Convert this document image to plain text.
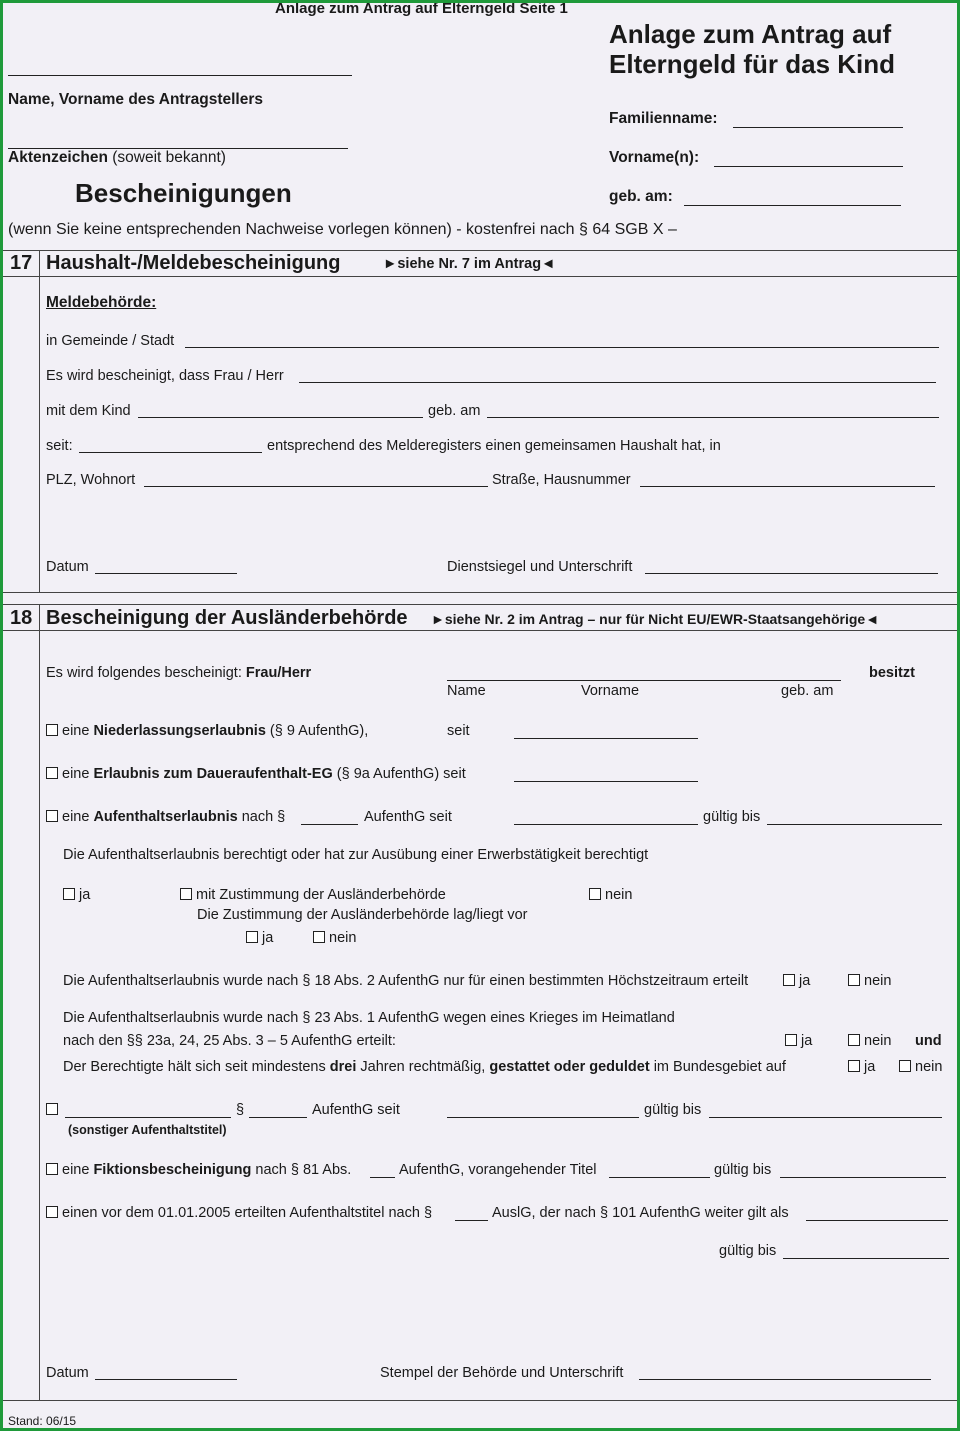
Anlage zum Antrag auf Elterngeld Seite 1
Anlage zum Antrag auf
Elterngeld für das Kind
Name, Vorname des Antragstellers
Familienname:
Aktenzeichen (soweit bekannt)	Vorname(n):
Bescheinigungen	geb. am:
(wenn Sie keine entsprechenden Nachweise vorlegen können) - kostenfrei nach § 64 SGB X –
17 Haushalt-/Meldebescheinigung	►siehe Nr. 7 im Antrag◄
Meldebehörde:
in Gemeinde / Stadt
Es wird bescheinigt, dass Frau / Herr
mit dem Kind	geb. am
seit:	entsprechend des Melderegisters einen gemeinsamen Haushalt hat, in
PLZ, Wohnort	Straße, Hausnummer
Datum	Dienstsiegel und Unterschrift
18 Bescheinigung der Ausländerbehörde ►siehe Nr. 2 im Antrag – nur für Nicht EU/EWR-Staatsangehörige◄
Es wird folgendes bescheinigt: Frau/Herr	besitzt
Name	Vorname	geb. am
eine Niederlassungserlaubnis (§ 9 AufenthG),	seit
eine Erlaubnis zum Daueraufenthalt-EG (§ 9a AufenthG) seit
eine Aufenthaltserlaubnis nach §	AufenthG seit	gültig bis
Die Aufenthaltserlaubnis berechtigt oder hat zur Ausübung einer Erwerbstätigkeit berechtigt
ja	mit Zustimmung der Ausländerbehörde	nein
Die Zustimmung der Ausländerbehörde lag/liegt vor
ja	nein
Die Aufenthaltserlaubnis wurde nach § 18 Abs. 2 AufenthG nur für einen bestimmten Höchstzeitraum erteilt	ja	nein
Die Aufenthaltserlaubnis wurde nach § 23 Abs. 1 AufenthG wegen eines Krieges im Heimatland
nach den §§ 23a, 24, 25 Abs. 3 – 5 AufenthG erteilt:	ja	nein und
Der Berechtigte hält sich seit mindestens drei Jahren rechtmäßig, gestattet oder geduldet im Bundesgebiet auf	ja	nein
§	AufenthG seit	gültig bis
(sonstiger Aufenthaltstitel)
eine Fiktionsbescheinigung nach § 81 Abs.	AufenthG, vorangehender Titel	gültig bis
einen vor dem 01.01.2005 erteilten Aufenthaltstitel nach §	AuslG, der nach § 101 AufenthG weiter gilt als
gültig bis
Datum	Stempel der Behörde und Unterschrift
Stand: 06/15
